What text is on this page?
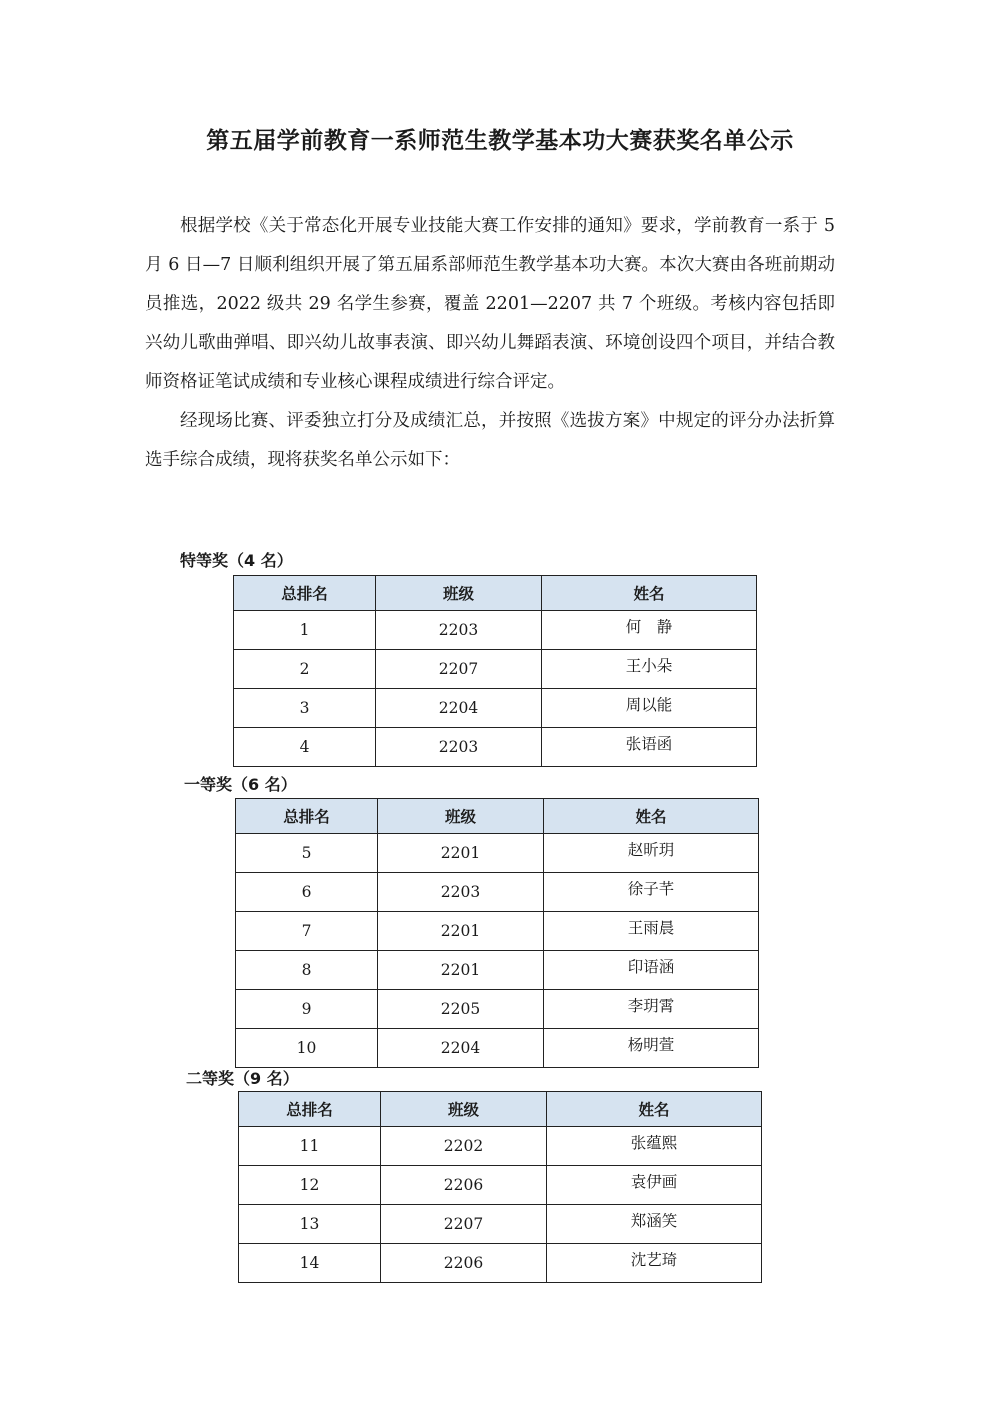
第五届学前教育一系师范生教学基本功大赛获奖名单公示

根据学校《关于常态化开展专业技能大赛工作安排的通知》要求，学前教育一系于 5 月 6 日—7 日顺利组织开展了第五届系部师范生教学基本功大赛。本次大赛由各班前期动员推选，2022 级共 29 名学生参赛，覆盖 2201—2207 共 7 个班级。考核内容包括即兴幼儿歌曲弹唱、即兴幼儿故事表演、即兴幼儿舞蹈表演、环境创设四个项目，并结合教师资格证笔试成绩和专业核心课程成绩进行综合评定。

经现场比赛、评委独立打分及成绩汇总，并按照《选拔方案》中规定的评分办法折算选手综合成绩，现将获奖名单公示如下：

特等奖（4 名）
总排名	班级	姓名
1	2203	何　静
2	2207	王小朵
3	2204	周以能
4	2203	张语函
一等奖（6 名）
总排名	班级	姓名
5	2201	赵昕玥
6	2203	徐子芊
7	2201	王雨晨
8	2201	印语涵
9	2205	李玥霄
10	2204	杨明萱
二等奖（9 名）
总排名	班级	姓名
11	2202	张蕴熙
12	2206	袁伊画
13	2207	郑涵笑
14	2206	沈艺琦
